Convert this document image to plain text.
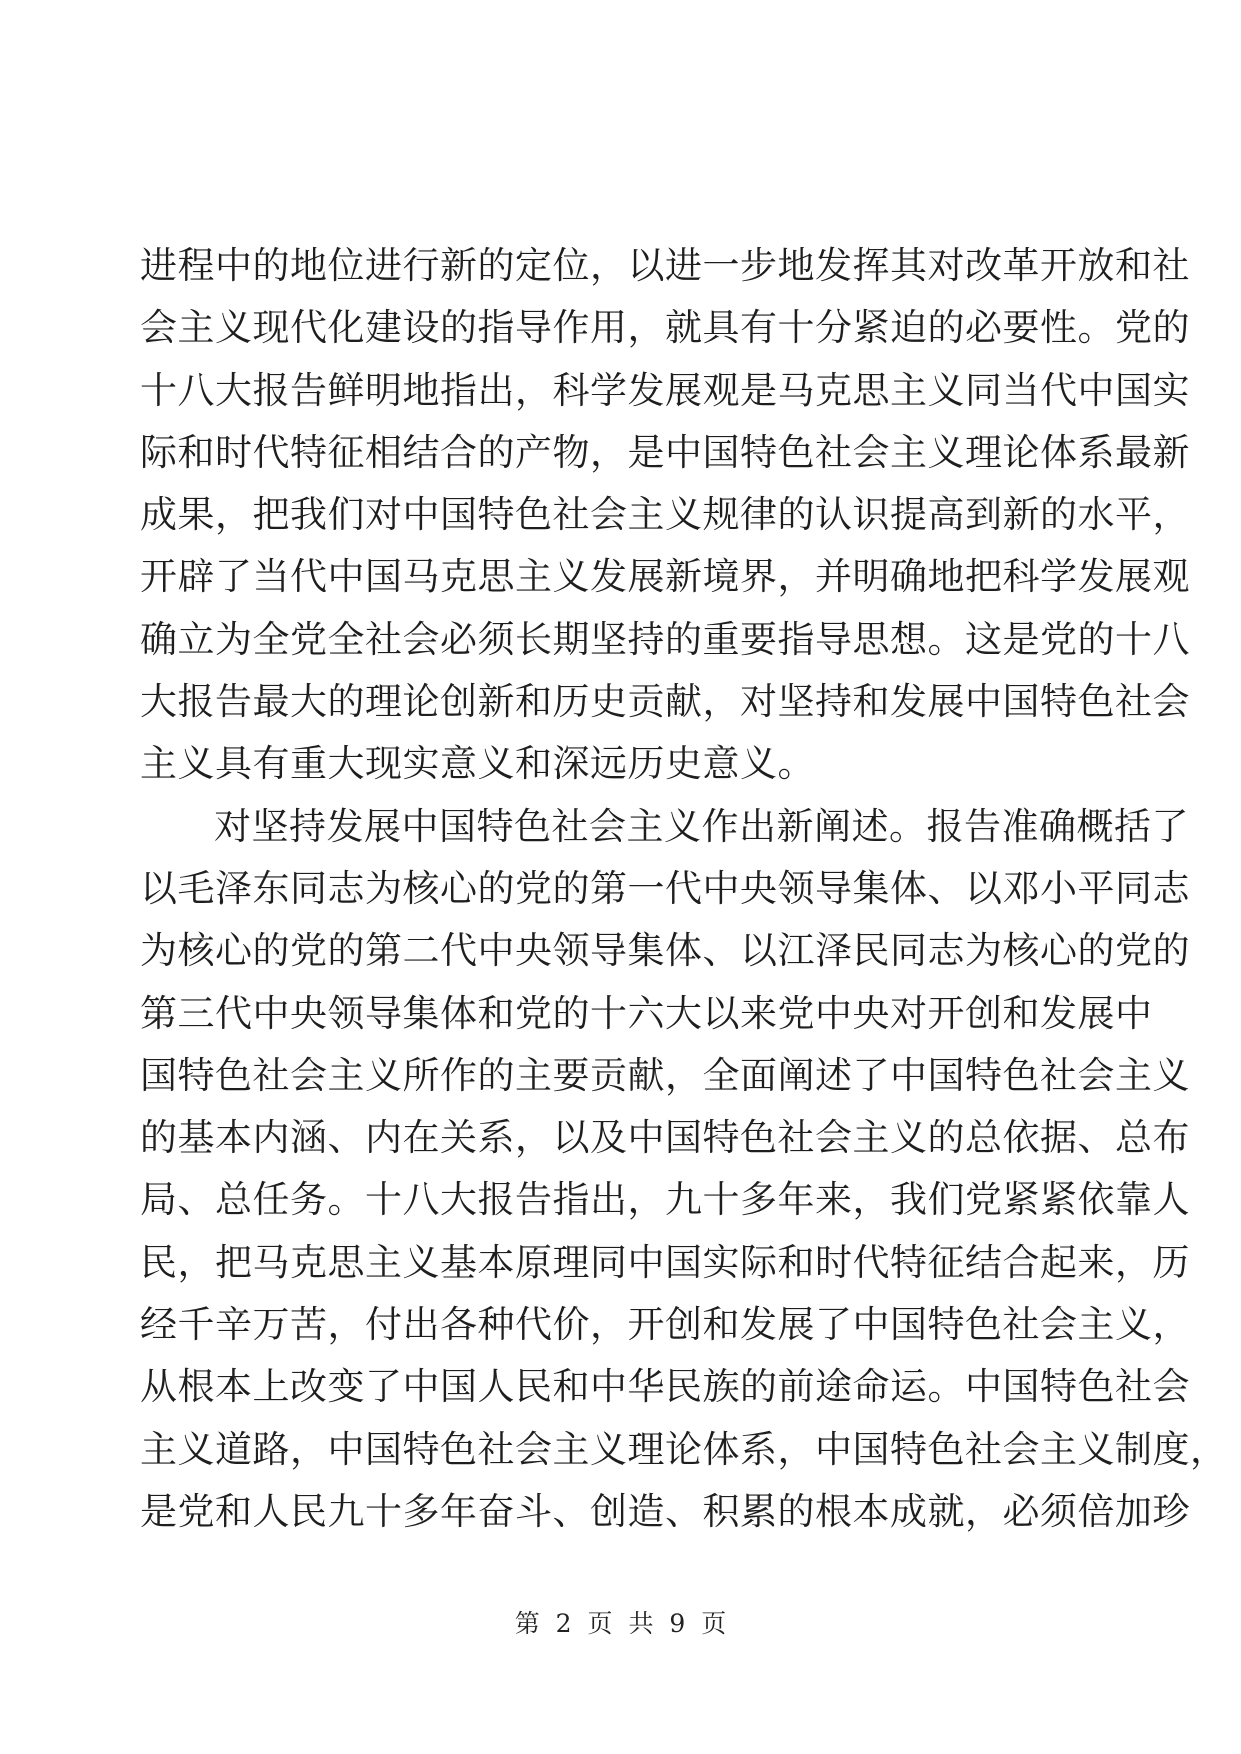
进程中的地位进行新的定位，以进一步地发挥其对改革开放和社
会主义现代化建设的指导作用，就具有十分紧迫的必要性。党的
十八大报告鲜明地指出，科学发展观是马克思主义同当代中国实
际和时代特征相结合的产物，是中国特色社会主义理论体系最新
成果，把我们对中国特色社会主义规律的认识提高到新的水平，
开辟了当代中国马克思主义发展新境界，并明确地把科学发展观
确立为全党全社会必须长期坚持的重要指导思想。这是党的十八
大报告最大的理论创新和历史贡献，对坚持和发展中国特色社会
主义具有重大现实意义和深远历史意义。
对坚持发展中国特色社会主义作出新阐述。报告准确概括了
以毛泽东同志为核心的党的第一代中央领导集体、以邓小平同志
为核心的党的第二代中央领导集体、以江泽民同志为核心的党的
第三代中央领导集体和党的十六大以来党中央对开创和发展中
国特色社会主义所作的主要贡献，全面阐述了中国特色社会主义
的基本内涵、内在关系，以及中国特色社会主义的总依据、总布
局、总任务。十八大报告指出，九十多年来，我们党紧紧依靠人
民，把马克思主义基本原理同中国实际和时代特征结合起来，历
经千辛万苦，付出各种代价，开创和发展了中国特色社会主义，
从根本上改变了中国人民和中华民族的前途命运。中国特色社会
主义道路，中国特色社会主义理论体系，中国特色社会主义制度，
是党和人民九十多年奋斗、创造、积累的根本成就，必须倍加珍
第 2 页 共 9 页
